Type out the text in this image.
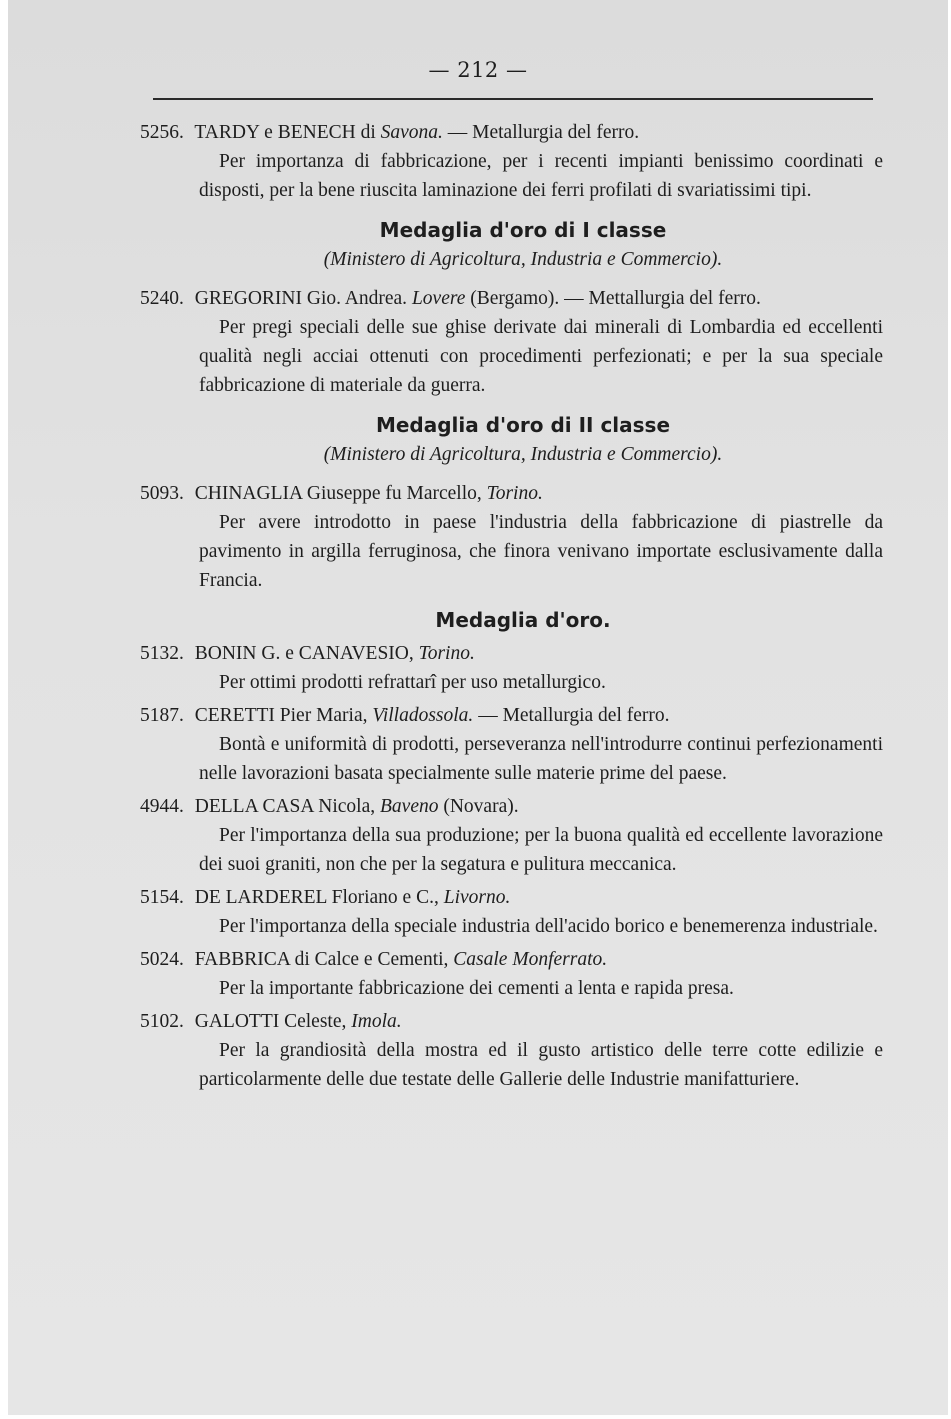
— 212 —

5256. TARDY e BENECH di Savona. — Metallurgia del ferro.

Per importanza di fabbricazione, per i recenti impianti benissimo coordinati e disposti, per la bene riuscita laminazione dei ferri profilati di svariatissimi tipi.

Medaglia d'oro di I classe
(Ministero di Agricoltura, Industria e Commercio).

5240. GREGORINI Gio. Andrea. Lovere (Bergamo). — Mettallurgia del ferro.

Per pregi speciali delle sue ghise derivate dai minerali di Lombardia ed eccellenti qualità negli acciai ottenuti con procedimenti perfezionati; e per la sua speciale fabbricazione di materiale da guerra.

Medaglia d'oro di II classe
(Ministero di Agricoltura, Industria e Commercio).

5093. CHINAGLIA Giuseppe fu Marcello, Torino.

Per avere introdotto in paese l'industria della fabbricazione di piastrelle da pavimento in argilla ferruginosa, che finora venivano importate esclusivamente dalla Francia.

Medaglia d'oro.

5132. BONIN G. e CANAVESIO, Torino.

Per ottimi prodotti refrattarî per uso metallurgico.

5187. CERETTI Pier Maria, Villadossola. — Metallurgia del ferro.

Bontà e uniformità di prodotti, perseveranza nell'introdurre continui perfezionamenti nelle lavorazioni basata specialmente sulle materie prime del paese.

4944. DELLA CASA Nicola, Baveno (Novara).

Per l'importanza della sua produzione; per la buona qualità ed eccellente lavorazione dei suoi graniti, non che per la segatura e pulitura meccanica.

5154. DE LARDEREL Floriano e C., Livorno.

Per l'importanza della speciale industria dell'acido borico e benemerenza industriale.

5024. FABBRICA di Calce e Cementi, Casale Monferrato.

Per la importante fabbricazione dei cementi a lenta e rapida presa.

5102. GALOTTI Celeste, Imola.

Per la grandiosità della mostra ed il gusto artistico delle terre cotte edilizie e particolarmente delle due testate delle Gallerie delle Industrie manifatturiere.
